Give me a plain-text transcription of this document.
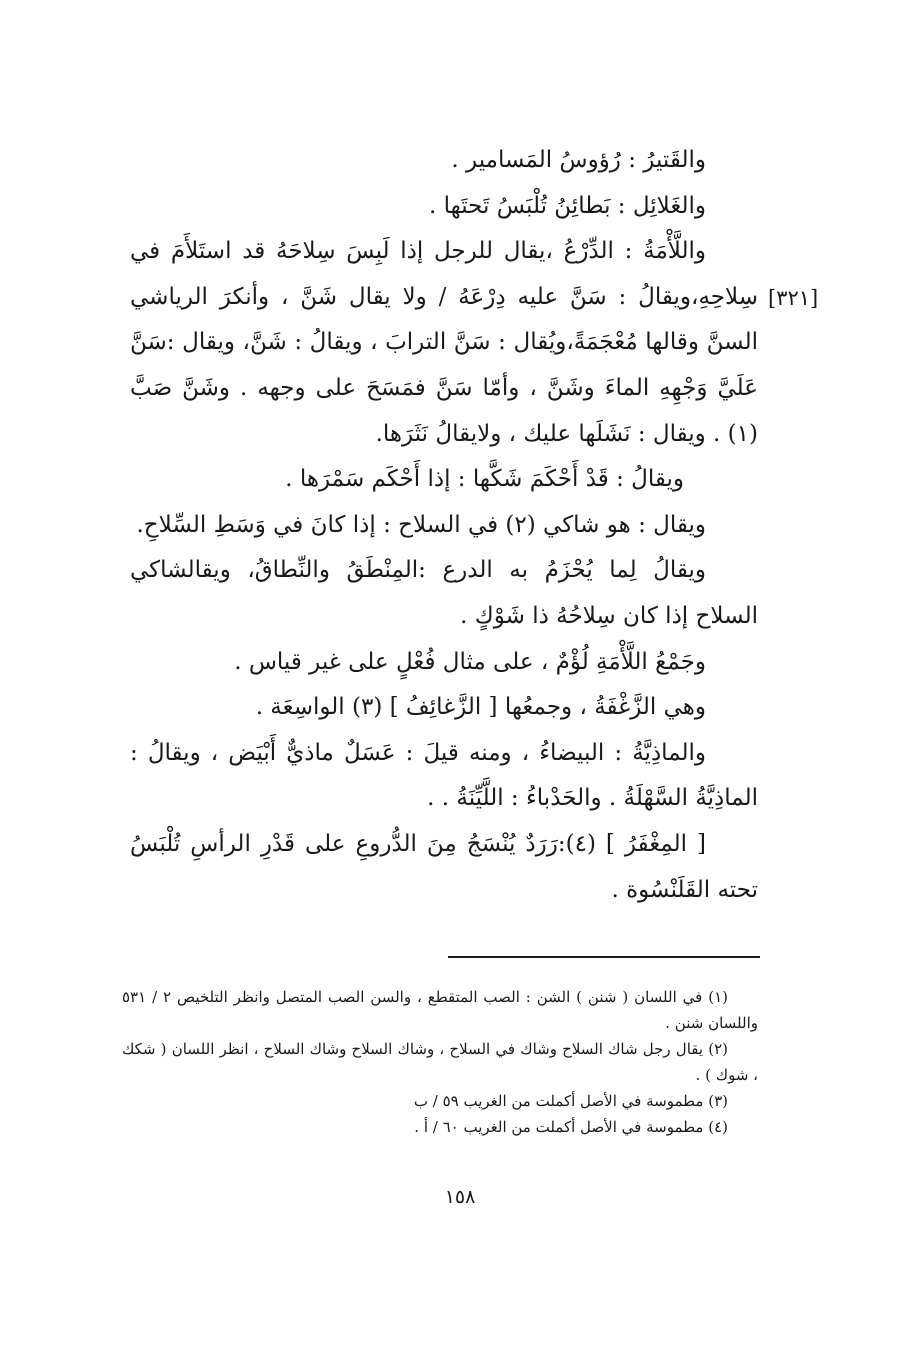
[٣٢١]

والقَتيرُ : رُؤوسُ المَسامير .

والغَلائِل : بَطائِنُ تُلْبَسُ تَحتَها .

واللَّأْمَةُ : الدِّرْعُ ،يقال للرجل إذا لَبِسَ سِلاحَهُ قد استَلأَمَ في سِلاحِهِ،ويقالُ : سَنَّ عليه دِرْعَهُ / ولا يقال شَنَّ ، وأنكرَ الرياشي السنَّ وقالها مُعْجَمَةً،ويُقال : سَنَّ الترابَ ، ويقالُ : شَنَّ، ويقال :سَنَّ عَلَيَّ وَجْهِهِ الماءَ وشَنَّ ، وأمّا سَنَّ فمَسَحَ على وجهه . وشَنَّ صَبَّ (١) . ويقال : نَشَلَها عليك ، ولايقالُ نَثَرَها.

ويقالُ : قَدْ أَحْكَمَ شَكَّها : إذا أَحْكَم سَمْرَها .

ويقال : هو شاكي (٢) في السلاح : إذا كانَ في وَسَطِ السِّلاحِ.

ويقالُ لِما يُحْزَمُ به الدرع :المِنْطَقُ والنِّطاقُ، ويقالشاكي السلاح إذا كان سِلاحُهُ ذا شَوْكٍ .

وجَمْعُ اللَّأْمَةِ لُؤْمٌ ، على مثال فُعْلٍ على غير قياس .

وهي الزَّغْفَةُ ، وجمعُها [ الزَّغائِفُ ] (٣) الواسِعَة .

والماذِيَّةُ : البيضاءُ ، ومنه قيلَ : عَسَلٌ ماذيٌّ أَبْيَض ، ويقالُ : الماذِيَّةُ السَّهْلَةُ . والحَدْباءُ : اللَّيِّنَةُ . .

[ المِغْفَرُ ] (٤):رَرَدٌ يُنْسَجُ مِنَ الدُّروعِ على قَدْرِ الرأسِ تُلْبَسُ تحته القَلَنْسُوة .

(١) في اللسان ( شنن ) الشن : الصب المتقطع ، والسن الصب المتصل وانظر التلخيص ٢ / ٥٣١ واللسان شنن .

(٢) يقال رجل شاك السلاح وشاك في السلاح ، وشاك السلاح وشاك السلاح ، انظر اللسان ( شكك ، شوك ) .

(٣) مطموسة في الأصل أكملت من الغريب ٥٩ / ب

(٤) مطموسة في الأصل أكملت من الغريب ٦٠ / أ .

١٥٨
